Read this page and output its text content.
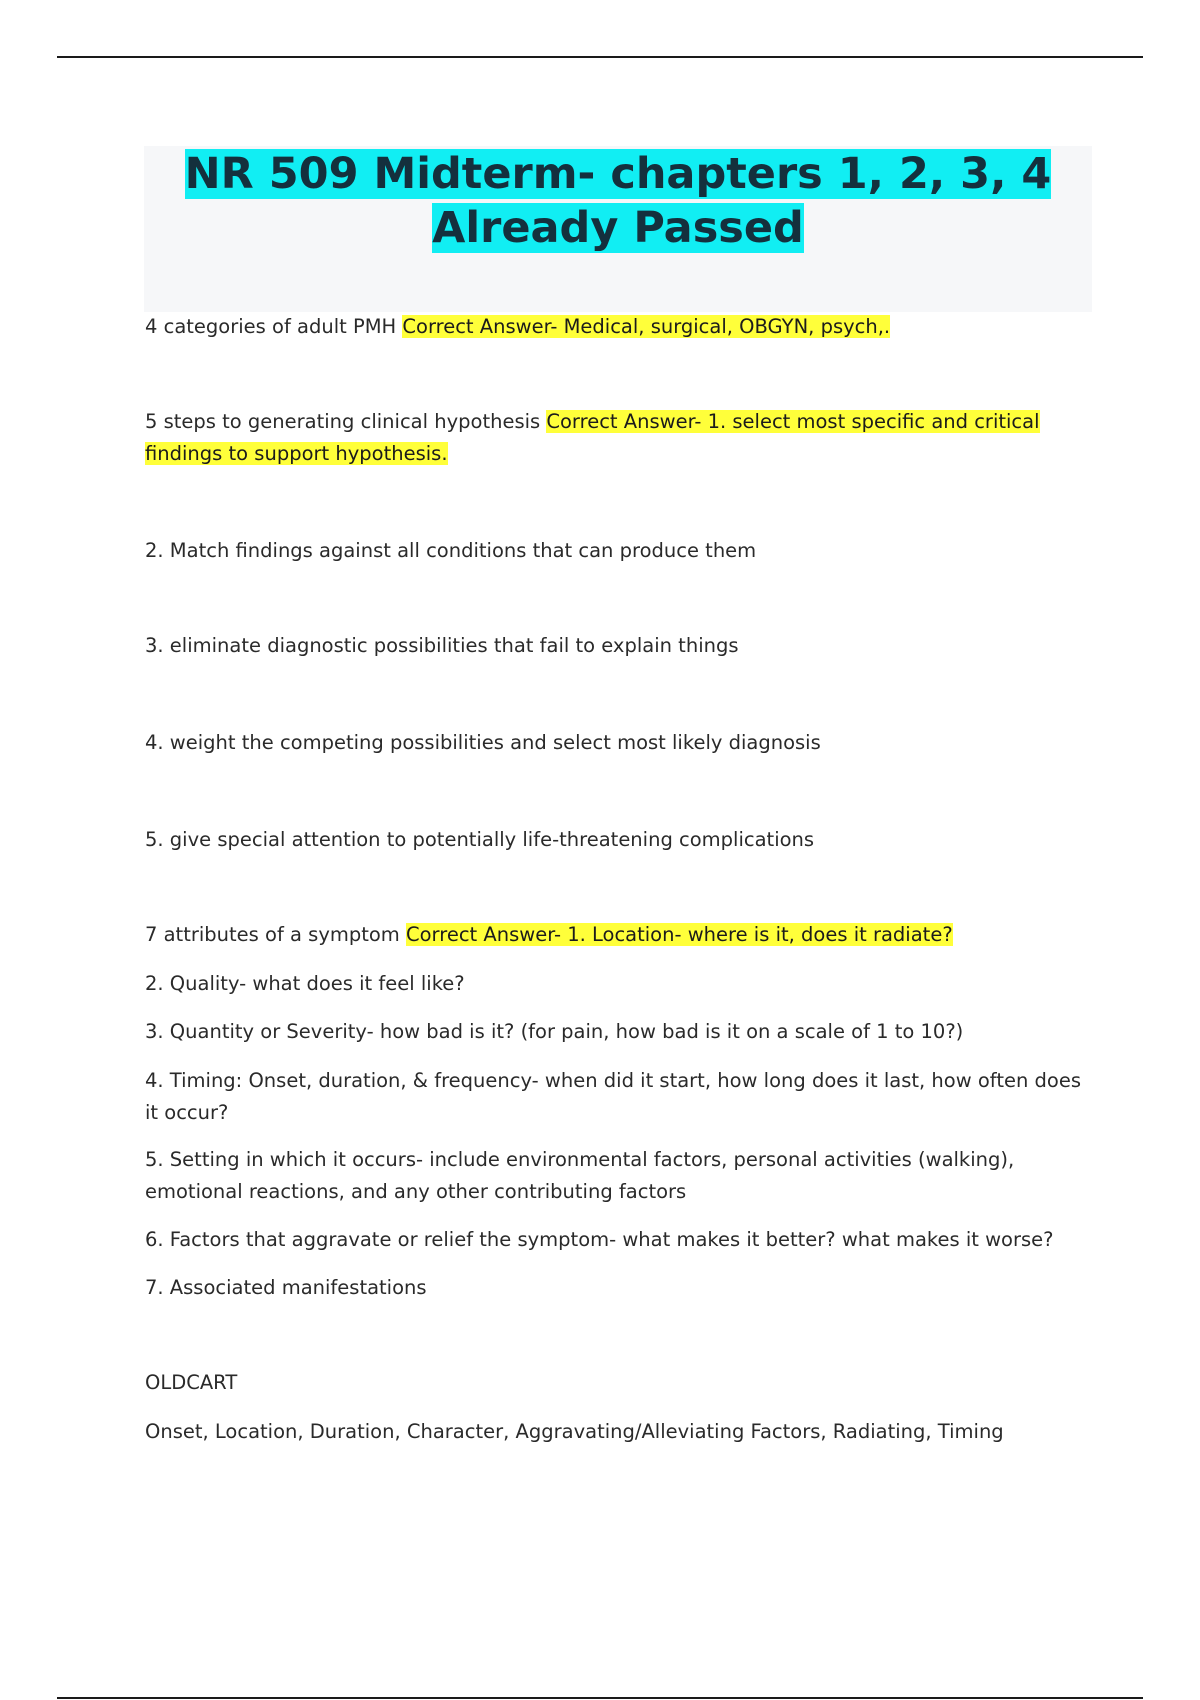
NR 509 Midterm- chapters 1, 2, 3, 4
Already Passed
4 categories of adult PMH Correct Answer- Medical, surgical, OBGYN, psych,.
5 steps to generating clinical hypothesis Correct Answer- 1. select most specific and critical
findings to support hypothesis.
2. Match findings against all conditions that can produce them
3. eliminate diagnostic possibilities that fail to explain things
4. weight the competing possibilities and select most likely diagnosis
5. give special attention to potentially life-threatening complications
7 attributes of a symptom Correct Answer- 1. Location- where is it, does it radiate?
2. Quality- what does it feel like?
3. Quantity or Severity- how bad is it? (for pain, how bad is it on a scale of 1 to 10?)
4. Timing: Onset, duration, & frequency- when did it start, how long does it last, how often does it occur?
5. Setting in which it occurs- include environmental factors, personal activities (walking), emotional reactions, and any other contributing factors
6. Factors that aggravate or relief the symptom- what makes it better? what makes it worse?
7. Associated manifestations
OLDCART
Onset, Location, Duration, Character, Aggravating/Alleviating Factors, Radiating, Timing
